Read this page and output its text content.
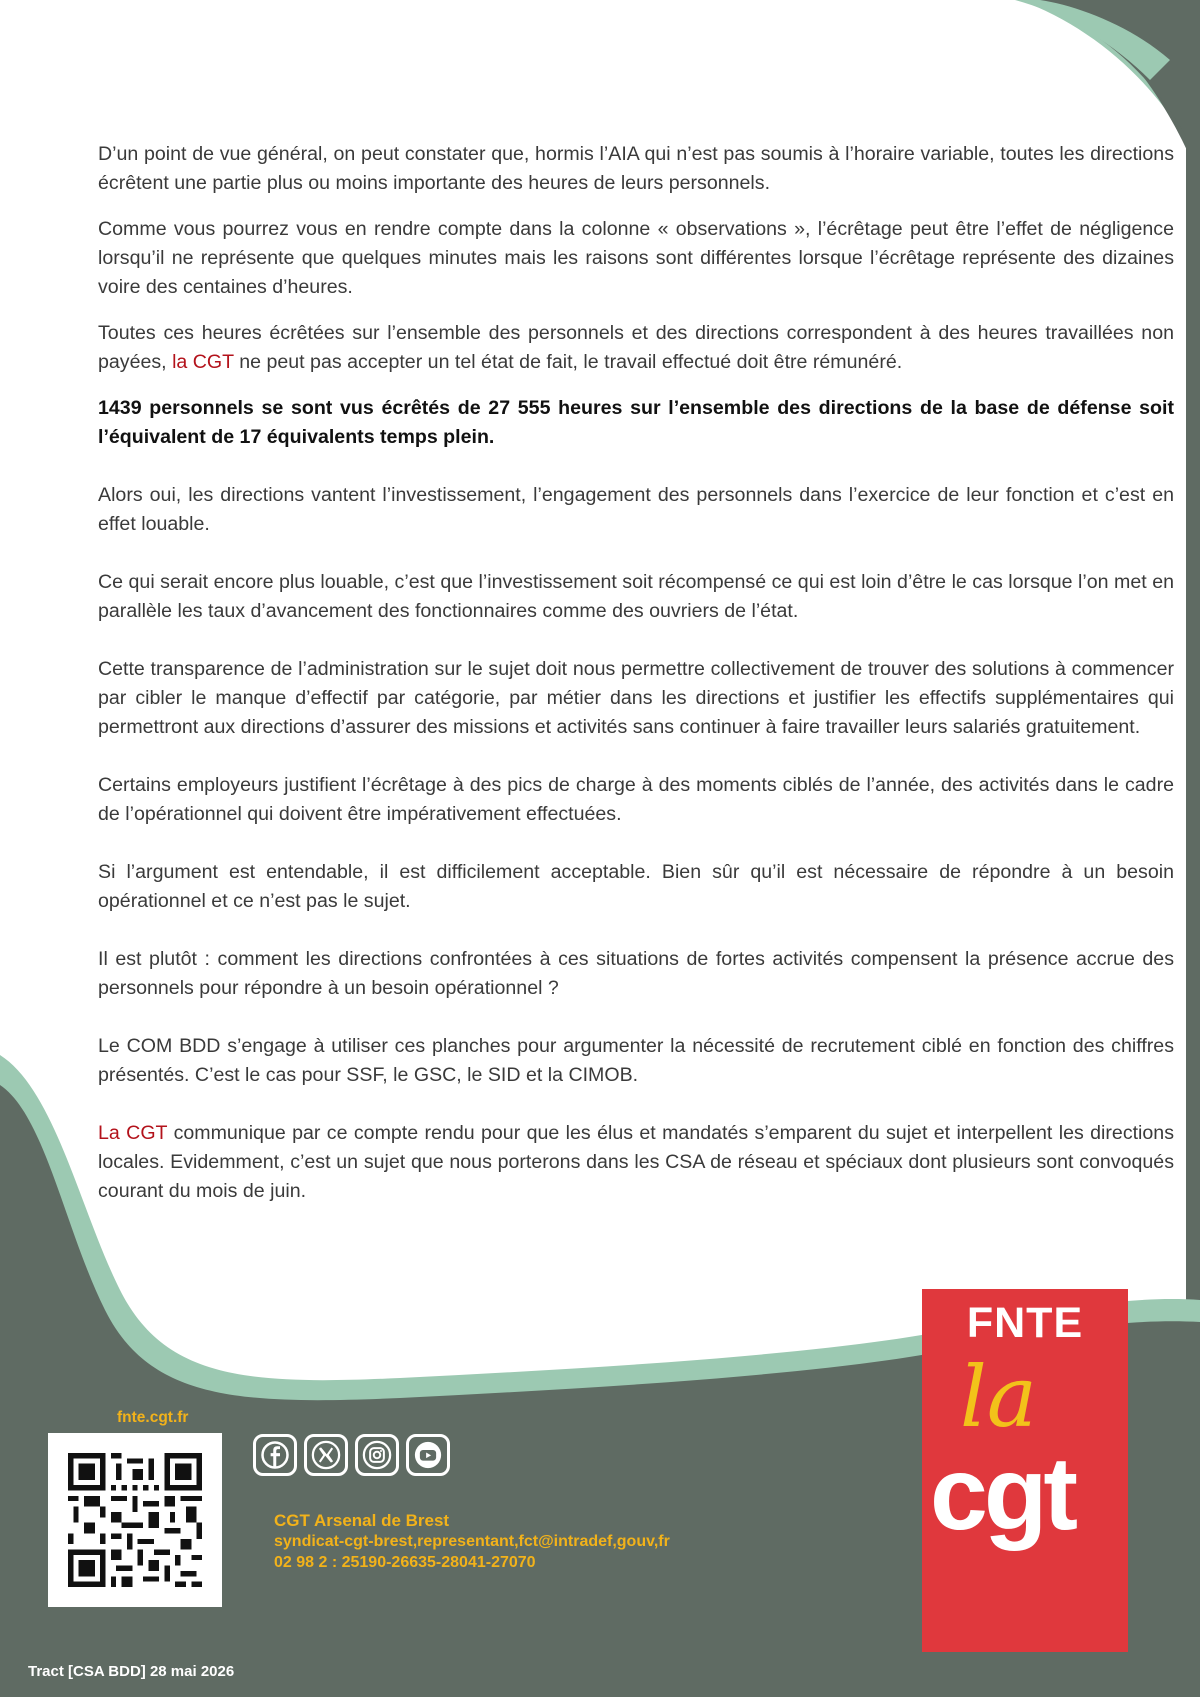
D’un point de vue général, on peut constater que, hormis l’AIA qui n’est pas soumis à l’horaire variable, toutes les directions écrêtent une partie plus ou moins importante des heures de leurs personnels.

Comme vous pourrez vous en rendre compte dans la colonne « observations », l’écrêtage peut être l’effet de négligence lorsqu’il ne représente que quelques minutes mais les raisons sont différentes lorsque l’écrêtage représente des dizaines voire des centaines d’heures.

Toutes ces heures écrêtées sur l’ensemble des personnels et des directions correspondent à des heures travaillées non payées, la CGT ne peut pas accepter un tel état de fait, le travail effectué doit être rémunéré.

1439 personnels se sont vus écrêtés de 27 555 heures sur l’ensemble des directions de la base de défense soit l’équivalent de 17 équivalents temps plein.

Alors oui, les directions vantent l’investissement, l’engagement des personnels dans l’exercice de leur fonction et c’est en effet louable.

Ce qui serait encore plus louable, c’est que l’investissement soit récompensé ce qui est loin d’être le cas lorsque l’on met en parallèle les taux d’avancement des fonctionnaires comme des ouvriers de l’état.

Cette transparence de l’administration sur le sujet doit nous permettre collectivement de trouver des solutions à commencer par cibler le manque d’effectif par catégorie, par métier dans les directions et justifier les effectifs supplémentaires qui permettront aux directions d’assurer des missions et activités sans continuer à faire travailler leurs salariés gratuitement.

Certains employeurs justifient l’écrêtage à des pics de charge à des moments ciblés de l’année, des activités dans le cadre de l’opérationnel qui doivent être impérativement effectuées.

Si l’argument est entendable, il est difficilement acceptable. Bien sûr qu’il est nécessaire de répondre à un besoin opérationnel et ce n’est pas le sujet.

Il est plutôt : comment les directions confrontées à ces situations de fortes activités compensent la présence accrue des personnels pour répondre à un besoin opérationnel ?

Le COM BDD s’engage à utiliser ces planches pour argumenter la nécessité de recrutement ciblé en fonction des chiffres présentés. C’est le cas pour SSF, le GSC, le SID et la CIMOB.

La CGT communique par ce compte rendu pour que les élus et mandatés s’emparent du sujet et interpellent les directions locales. Evidemment, c’est un sujet que nous porterons dans les CSA de réseau et spéciaux dont plusieurs sont convoqués courant du mois de juin.

fnte.cgt.fr
CGT Arsenal de Brest
syndicat-cgt-brest,representant,fct@intradef,gouv,fr
02 98 2 : 25190-26635-28041-27070
Tract [CSA BDD] 28 mai 2026
FNTE
la
cgt
